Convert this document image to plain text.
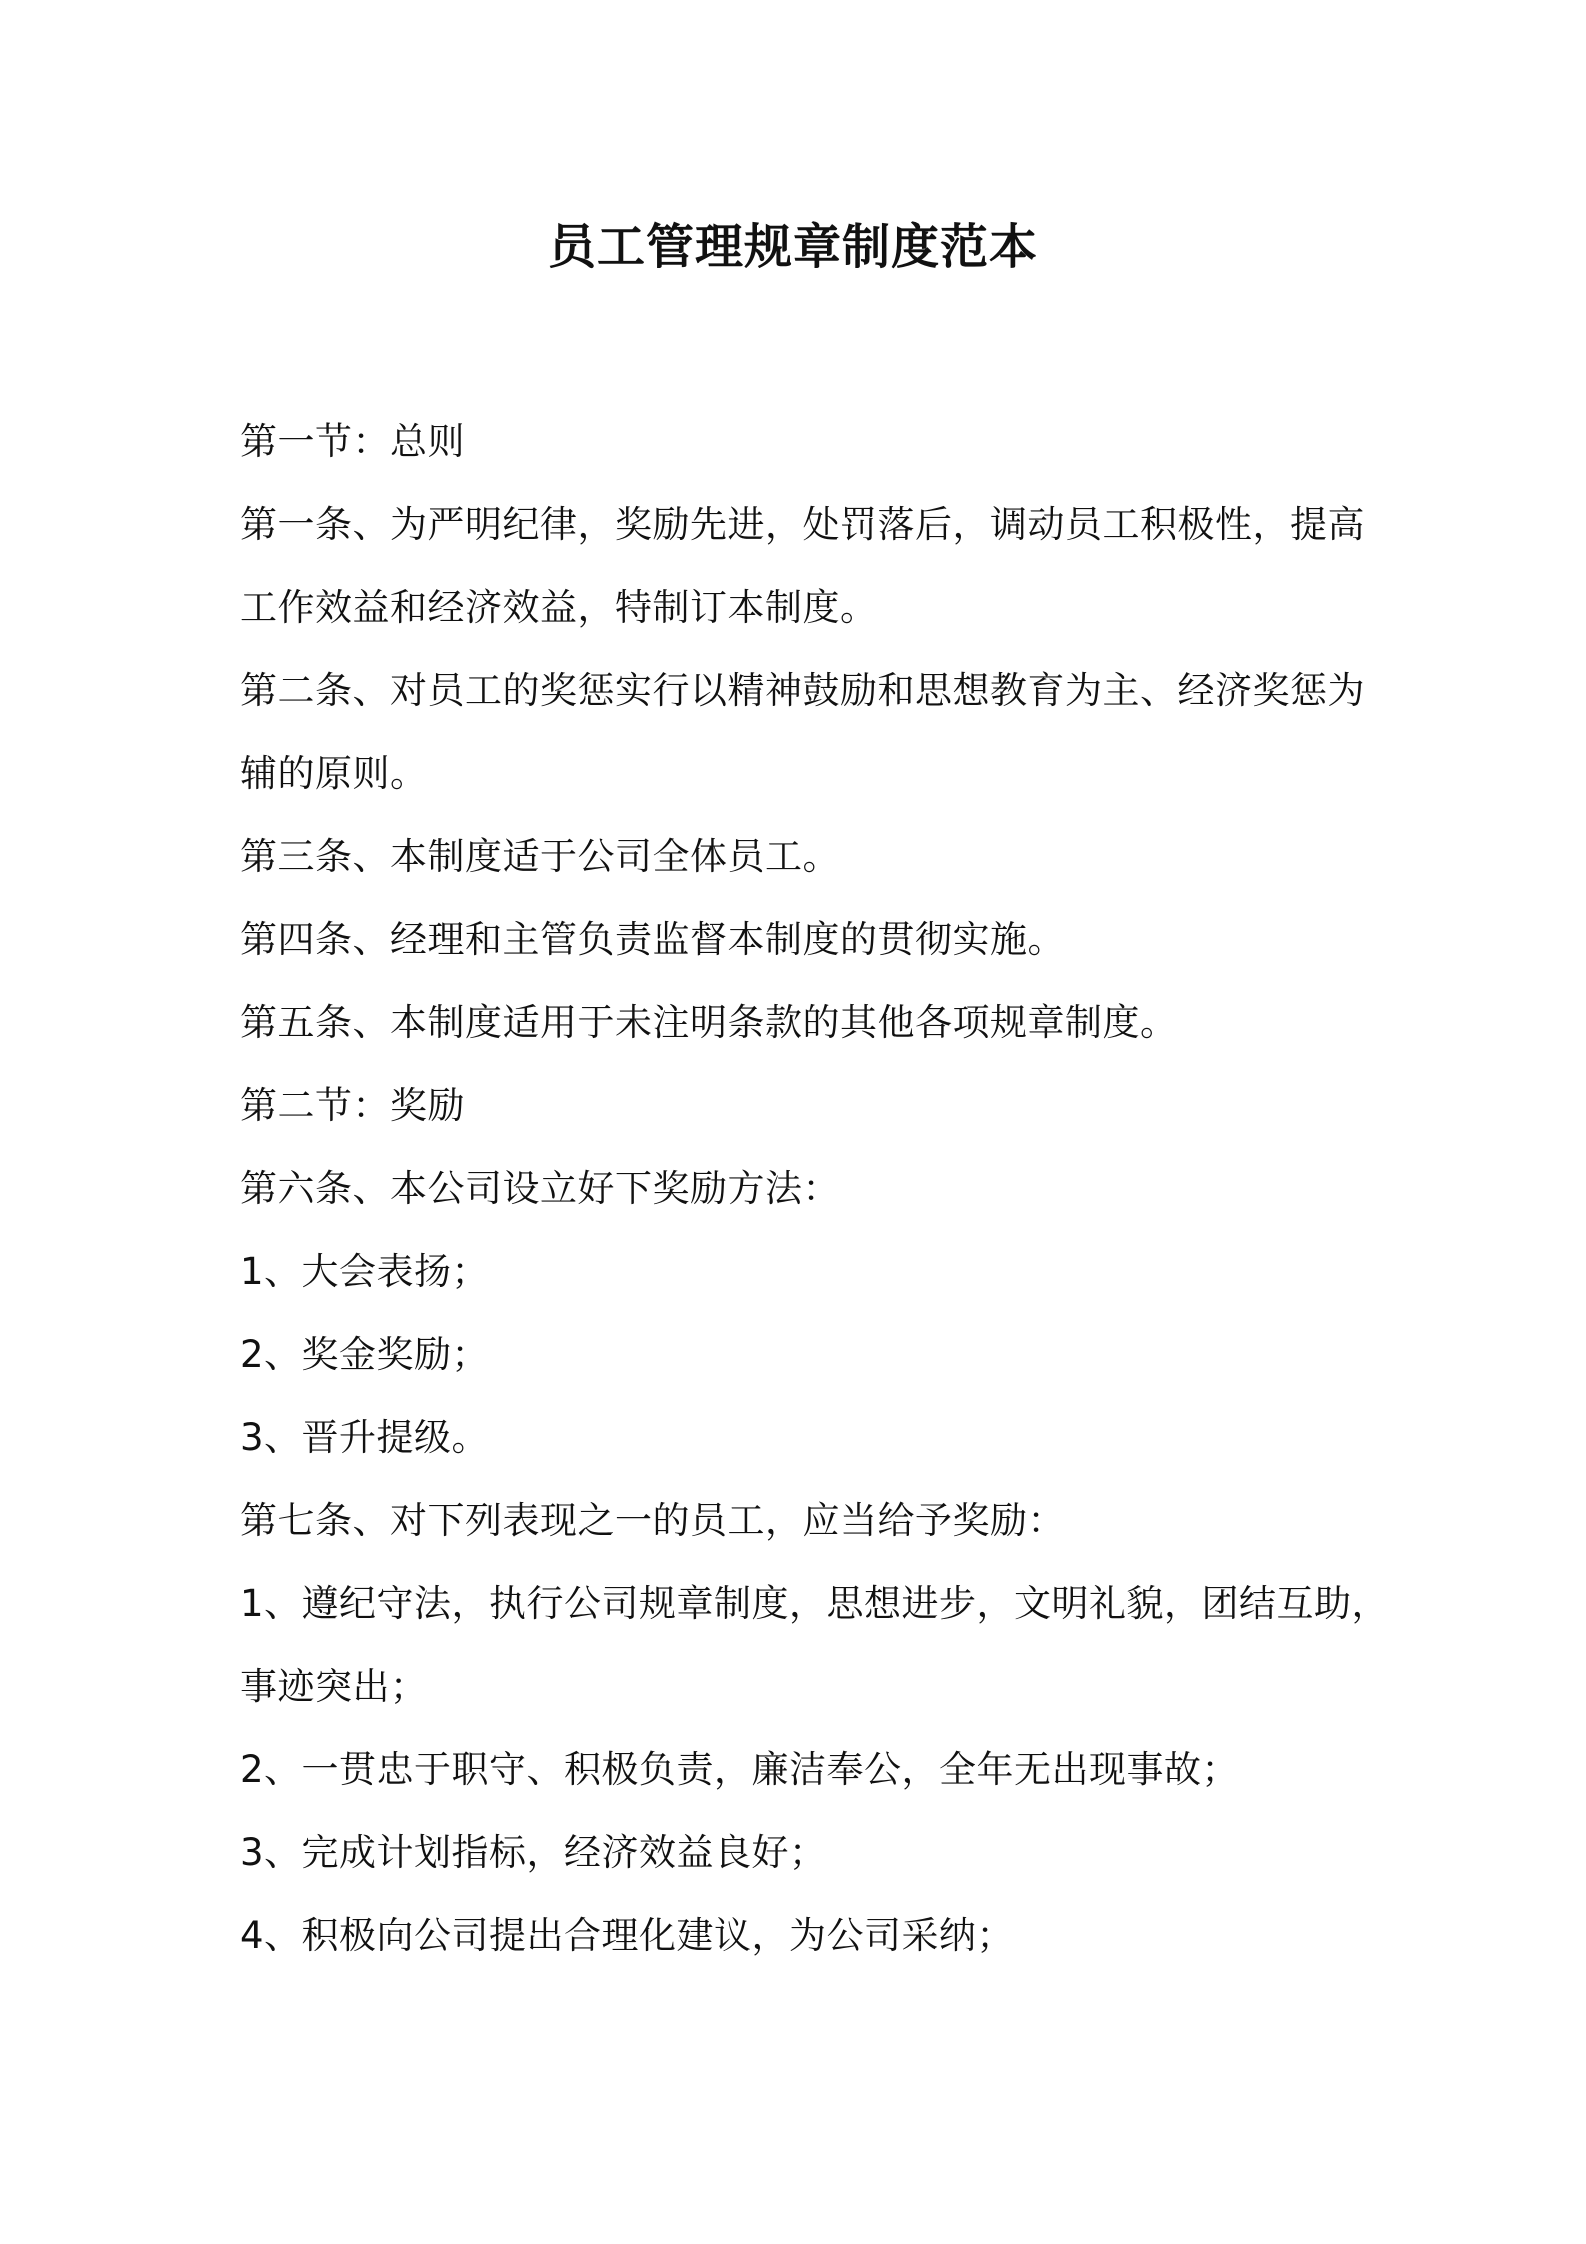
员工管理规章制度范本
第一节：总则
第一条、为严明纪律，奖励先进，处罚落后，调动员工积极性，提高
工作效益和经济效益，特制订本制度。
第二条、对员工的奖惩实行以精神鼓励和思想教育为主、经济奖惩为
辅的原则。
第三条、本制度适于公司全体员工。
第四条、经理和主管负责监督本制度的贯彻实施。
第五条、本制度适用于未注明条款的其他各项规章制度。
第二节：奖励
第六条、本公司设立好下奖励方法：
1、大会表扬；
2、奖金奖励；
3、晋升提级。
第七条、对下列表现之一的员工，应当给予奖励：
1、遵纪守法，执行公司规章制度，思想进步，文明礼貌，团结互助，
事迹突出；
2、一贯忠于职守、积极负责，廉洁奉公，全年无出现事故；
3、完成计划指标，经济效益良好；
4、积极向公司提出合理化建议，为公司采纳；
